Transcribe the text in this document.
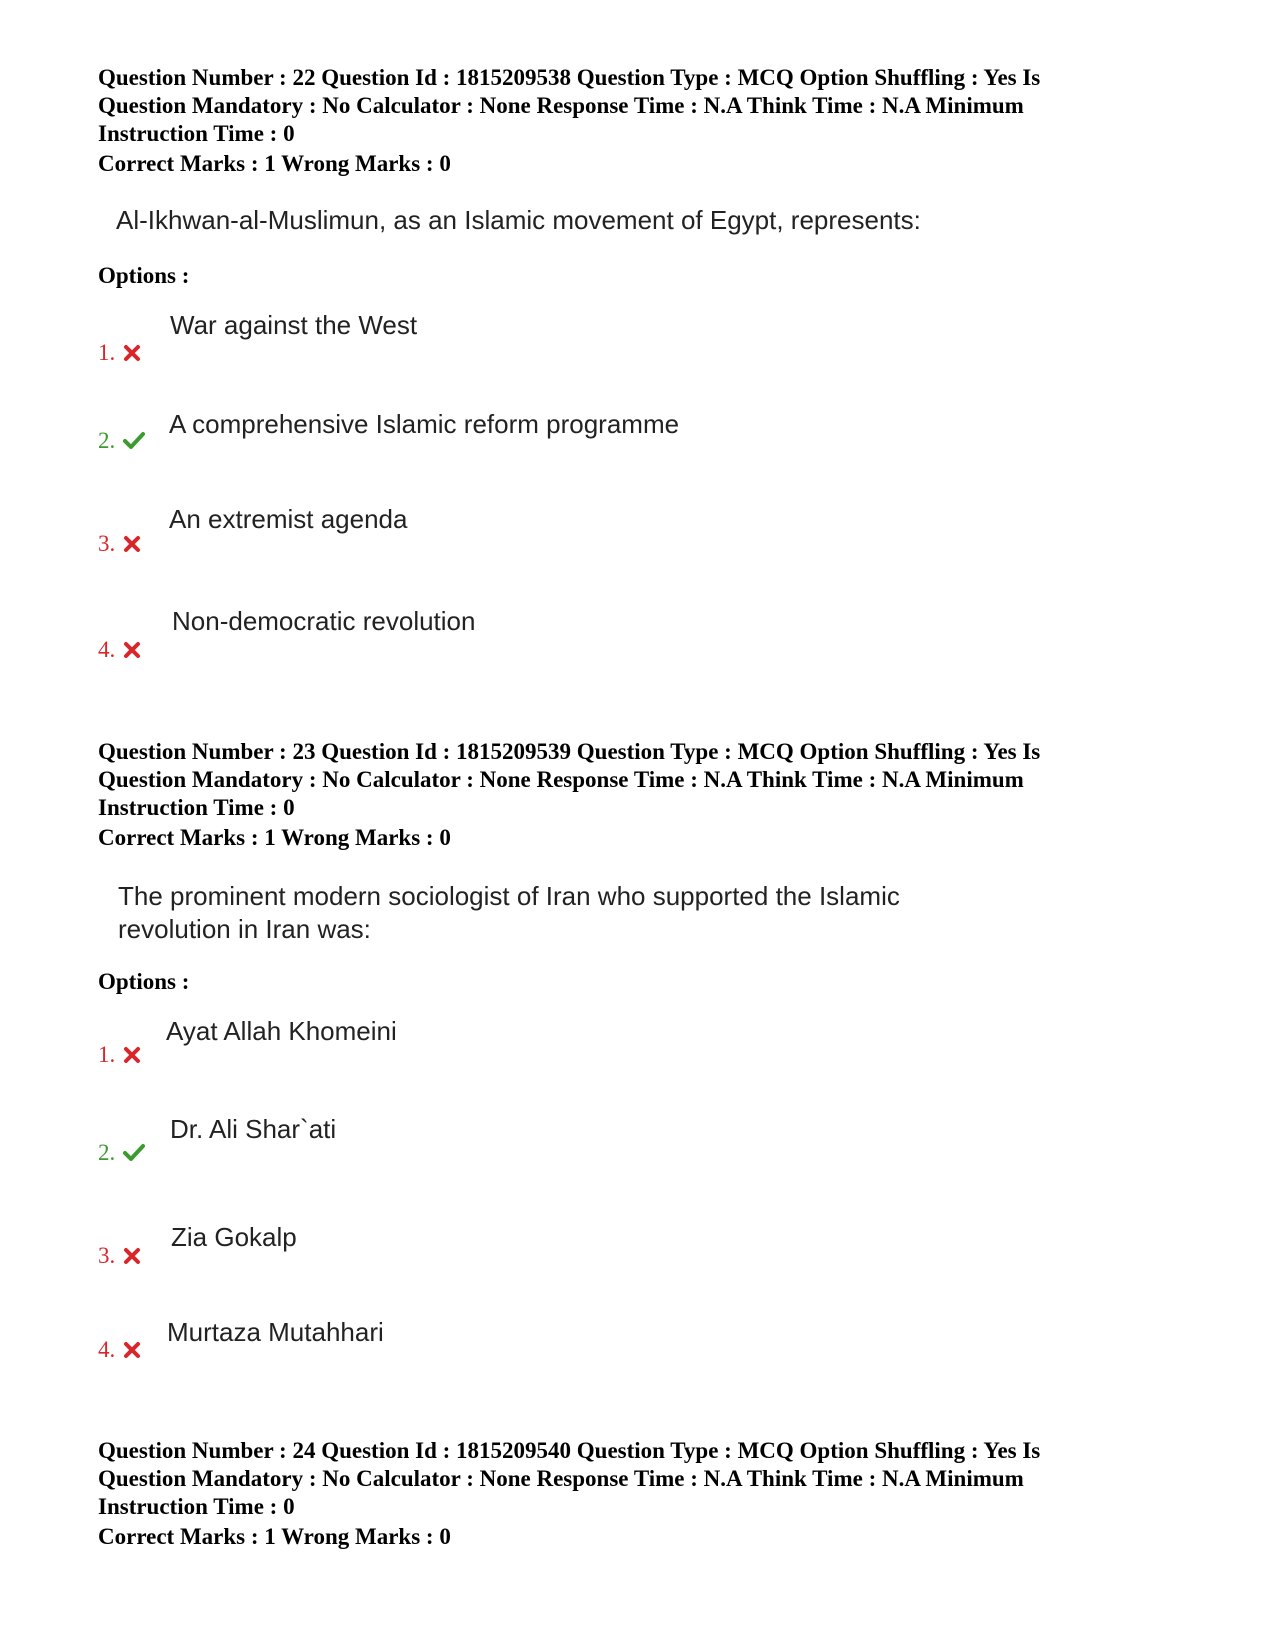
Question Number : 22 Question Id : 1815209538 Question Type : MCQ Option Shuffling : Yes Is
Question Mandatory : No Calculator : None Response Time : N.A Think Time : N.A Minimum
Instruction Time : 0
Correct Marks : 1 Wrong Marks : 0
Al-Ikhwan-al-Muslimun, as an Islamic movement of Egypt, represents:
Options :
War against the West
1.
A comprehensive Islamic reform programme
2.
An extremist agenda
3.
Non-democratic revolution
4.
Question Number : 23 Question Id : 1815209539 Question Type : MCQ Option Shuffling : Yes Is
Question Mandatory : No Calculator : None Response Time : N.A Think Time : N.A Minimum
Instruction Time : 0
Correct Marks : 1 Wrong Marks : 0
The prominent modern sociologist of Iran who supported the Islamic
revolution in Iran was:
Options :
Ayat Allah Khomeini
1.
Dr. Ali Shar`ati
2.
Zia Gokalp
3.
Murtaza Mutahhari
4.
Question Number : 24 Question Id : 1815209540 Question Type : MCQ Option Shuffling : Yes Is
Question Mandatory : No Calculator : None Response Time : N.A Think Time : N.A Minimum
Instruction Time : 0
Correct Marks : 1 Wrong Marks : 0
